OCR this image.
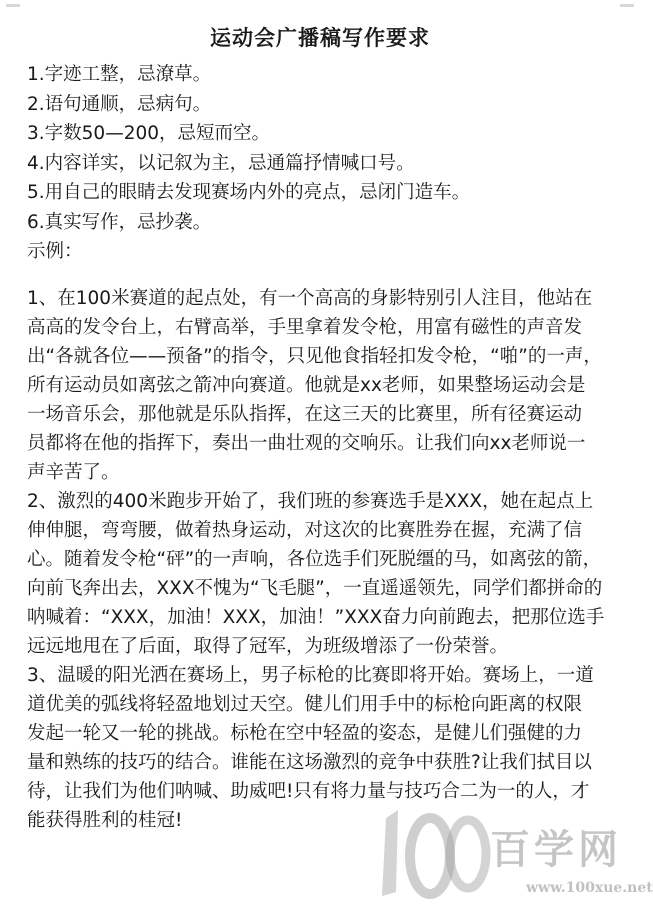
运动会广播稿写作要求
1.字迹工整，忌潦草。
2.语句通顺，忌病句。
3.字数50—200，忌短而空。
4.内容详实，以记叙为主，忌通篇抒情喊口号。
5.用自己的眼睛去发现赛场内外的亮点，忌闭门造车。
6.真实写作，忌抄袭。
示例：
1、在100米赛道的起点处，有一个高高的身影特别引人注目，他站在
高高的发令台上，右臂高举，手里拿着发令枪，用富有磁性的声音发
出“各就各位——预备”的指令，只见他食指轻扣发令枪，“啪”的一声，
所有运动员如离弦之箭冲向赛道。他就是xx老师，如果整场运动会是
一场音乐会，那他就是乐队指挥，在这三天的比赛里，所有径赛运动
员都将在他的指挥下，奏出一曲壮观的交响乐。让我们向xx老师说一
声辛苦了。
2、激烈的400米跑步开始了，我们班的参赛选手是XXX，她在起点上
伸伸腿，弯弯腰，做着热身运动，对这次的比赛胜券在握，充满了信
心。随着发令枪“砰”的一声响，各位选手们死脱缰的马，如离弦的箭，
向前飞奔出去，XXX不愧为“飞毛腿”，一直遥遥领先，同学们都拼命的
呐喊着：“XXX，加油！XXX，加油！”XXX奋力向前跑去，把那位选手
远远地甩在了后面，取得了冠军，为班级增添了一份荣誉。
3、温暖的阳光洒在赛场上，男子标枪的比赛即将开始。赛场上，一道
道优美的弧线将轻盈地划过天空。健儿们用手中的标枪向距离的权限
发起一轮又一轮的挑战。标枪在空中轻盈的姿态，是健儿们强健的力
量和熟练的技巧的结合。谁能在这场激烈的竞争中获胜?让我们拭目以
待，让我们为他们呐喊、助威吧!只有将力量与技巧合二为一的人，才
能获得胜利的桂冠!
百学网
www.100xue.net
